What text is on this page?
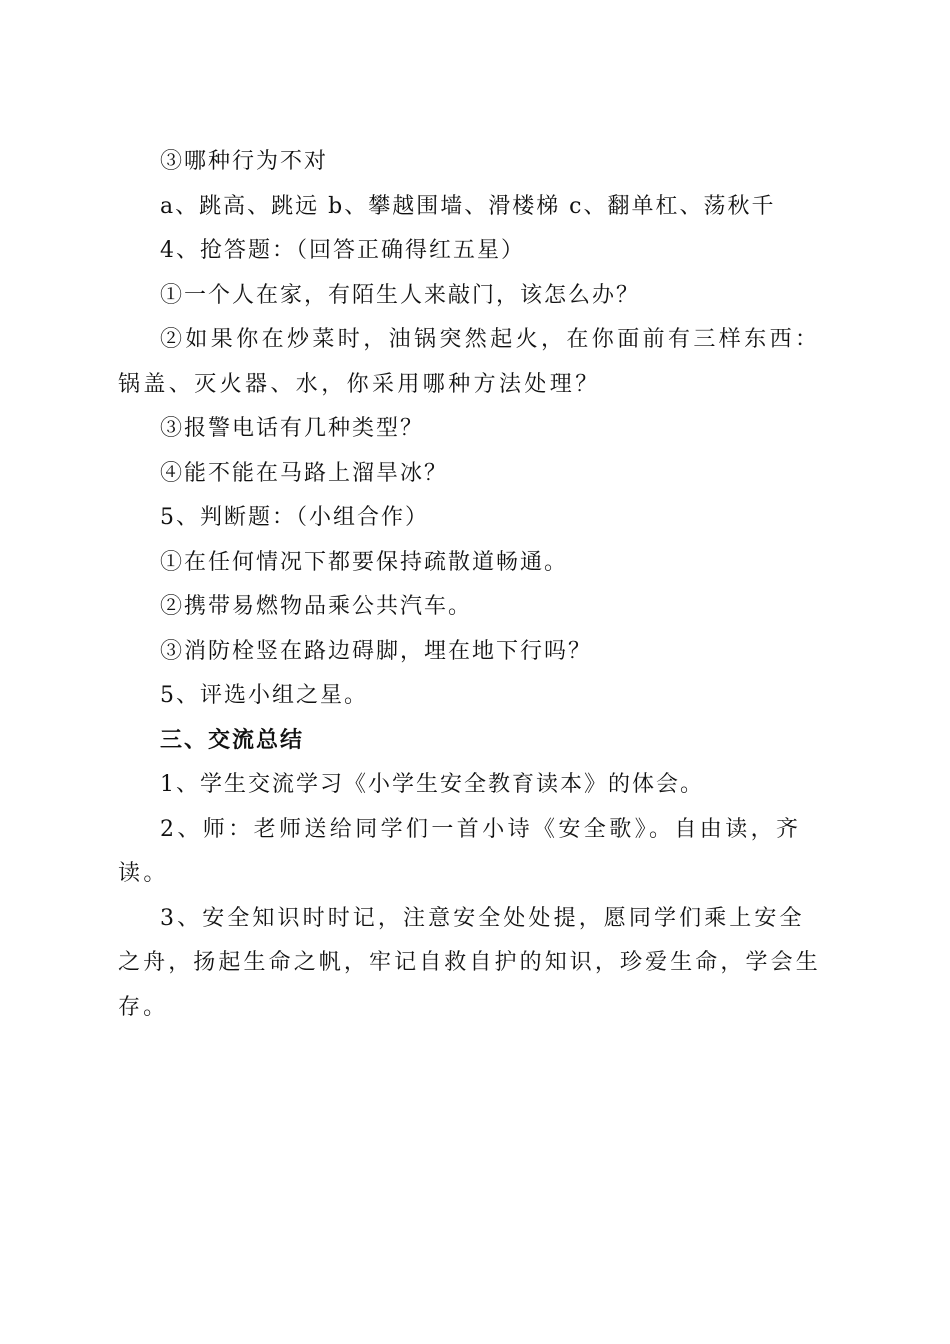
③哪种行为不对
a、跳高、跳远 b、攀越围墙、滑楼梯 c、翻单杠、荡秋千
4、抢答题：（回答正确得红五星）
①一个人在家，有陌生人来敲门，该怎么办？
②如果你在炒菜时，油锅突然起火，在你面前有三样东西：锅盖、灭火器、水，你采用哪种方法处理？
③报警电话有几种类型？
④能不能在马路上溜旱冰？
5、判断题：（小组合作）
①在任何情况下都要保持疏散道畅通。
②携带易燃物品乘公共汽车。
③消防栓竖在路边碍脚，埋在地下行吗？
5、评选小组之星。
三、交流总结
1、学生交流学习《小学生安全教育读本》的体会。
2、师：老师送给同学们一首小诗《安全歌》。自由读，齐读。
3、安全知识时时记，注意安全处处提，愿同学们乘上安全之舟，扬起生命之帆，牢记自救自护的知识，珍爱生命，学会生存。
